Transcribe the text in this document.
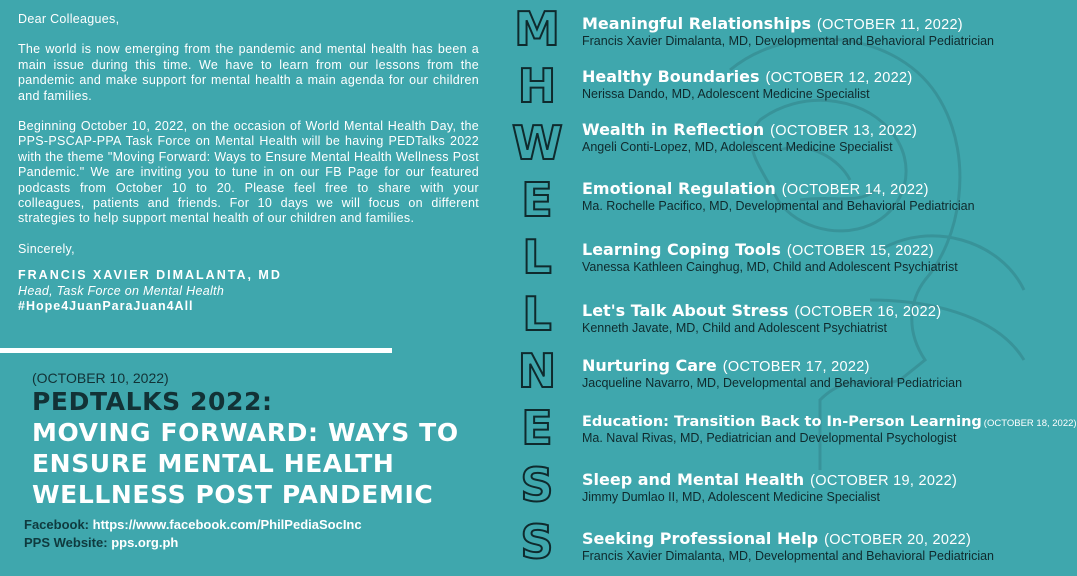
Dear Colleagues,

The world is now emerging from the pandemic and mental health has been a main issue during this time. We have to learn from our lessons from the pandemic and make support for mental health a main agenda for our children and families.

Beginning October 10, 2022, on the occasion of World Mental Health Day, the PPS-PSCAP-PPA Task Force on Mental Health will be having PEDTalks 2022 with the theme "Moving Forward: Ways to Ensure Mental Health Wellness Post Pandemic." We are inviting you to tune in on our FB Page for our featured podcasts from October 10 to 20. Please feel free to share with your colleagues, patients and friends. For 10 days we will focus on different strategies to help support mental health of our children and families.

Sincerely,

FRANCIS XAVIER DIMALANTA, MD

Head, Task Force on Mental Health

#Hope4JuanParaJuan4All

(OCTOBER 10, 2022)
PEDTALKS 2022:
MOVING FORWARD: WAYS TO ENSURE MENTAL HEALTH WELLNESS POST PANDEMIC
Facebook: https://www.facebook.com/PhilPediaSocInc
PPS Website: pps.org.ph
M
H
W
E
L
L
N
E
S
S
Meaningful Relationships (OCTOBER 11, 2022)
Francis Xavier Dimalanta, MD, Developmental and Behavioral Pediatrician
Healthy Boundaries (OCTOBER 12, 2022)
Nerissa Dando, MD, Adolescent Medicine Specialist
Wealth in Reflection (OCTOBER 13, 2022)
Angeli Conti-Lopez, MD, Adolescent Medicine Specialist
Emotional Regulation (OCTOBER 14, 2022)
Ma. Rochelle Pacifico, MD, Developmental and Behavioral Pediatrician
Learning Coping Tools (OCTOBER 15, 2022)
Vanessa Kathleen Cainghug, MD, Child and Adolescent Psychiatrist
Let's Talk About Stress (OCTOBER 16, 2022)
Kenneth Javate, MD, Child and Adolescent Psychiatrist
Nurturing Care (OCTOBER 17, 2022)
Jacqueline Navarro, MD, Developmental and Behavioral Pediatrician
Education: Transition Back to In-Person Learning (OCTOBER 18, 2022)
Ma. Naval Rivas, MD, Pediatrician and Developmental Psychologist
Sleep and Mental Health (OCTOBER 19, 2022)
Jimmy Dumlao II, MD, Adolescent Medicine Specialist
Seeking Professional Help (OCTOBER 20, 2022)
Francis Xavier Dimalanta, MD, Developmental and Behavioral Pediatrician
